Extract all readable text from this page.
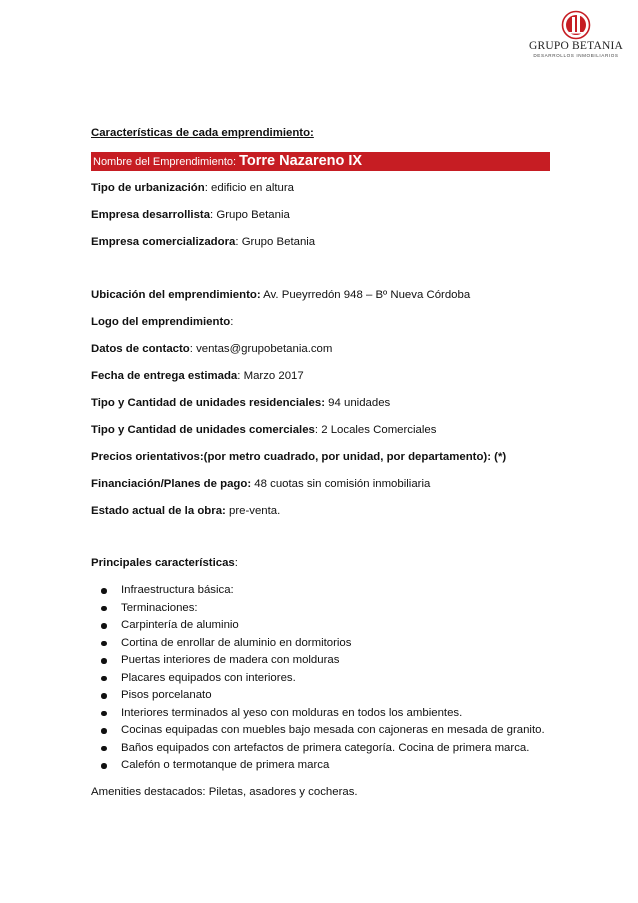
GRUPO BETANIA
DESARROLLOS INMOBILIARIOS
Características de cada emprendimiento:
Nombre del Emprendimiento: Torre Nazareno IX
Tipo de urbanización: edificio en altura
Empresa desarrollista: Grupo Betania
Empresa comercializadora: Grupo Betania
Ubicación del emprendimiento: Av. Pueyrredón 948 – Bº Nueva Córdoba
Logo del emprendimiento:
Datos de contacto: ventas@grupobetania.com
Fecha de entrega estimada: Marzo 2017
Tipo y Cantidad de unidades residenciales: 94 unidades
Tipo y Cantidad de unidades comerciales: 2 Locales Comerciales
Precios orientativos:(por metro cuadrado, por unidad, por departamento): (*)
Financiación/Planes de pago: 48 cuotas sin comisión inmobiliaria
Estado actual de la obra: pre-venta.
Principales características:
Infraestructura básica:
Terminaciones:
Carpintería de aluminio
Cortina de enrollar de aluminio en dormitorios
Puertas interiores de madera con molduras
Placares equipados con interiores.
Pisos porcelanato
Interiores terminados al yeso con molduras en todos los ambientes.
Cocinas equipadas con muebles bajo mesada con cajoneras en mesada de granito.
Baños equipados con artefactos de primera categoría. Cocina de primera marca.
Calefón o termotanque de primera marca
Amenities destacados: Piletas, asadores y cocheras.
